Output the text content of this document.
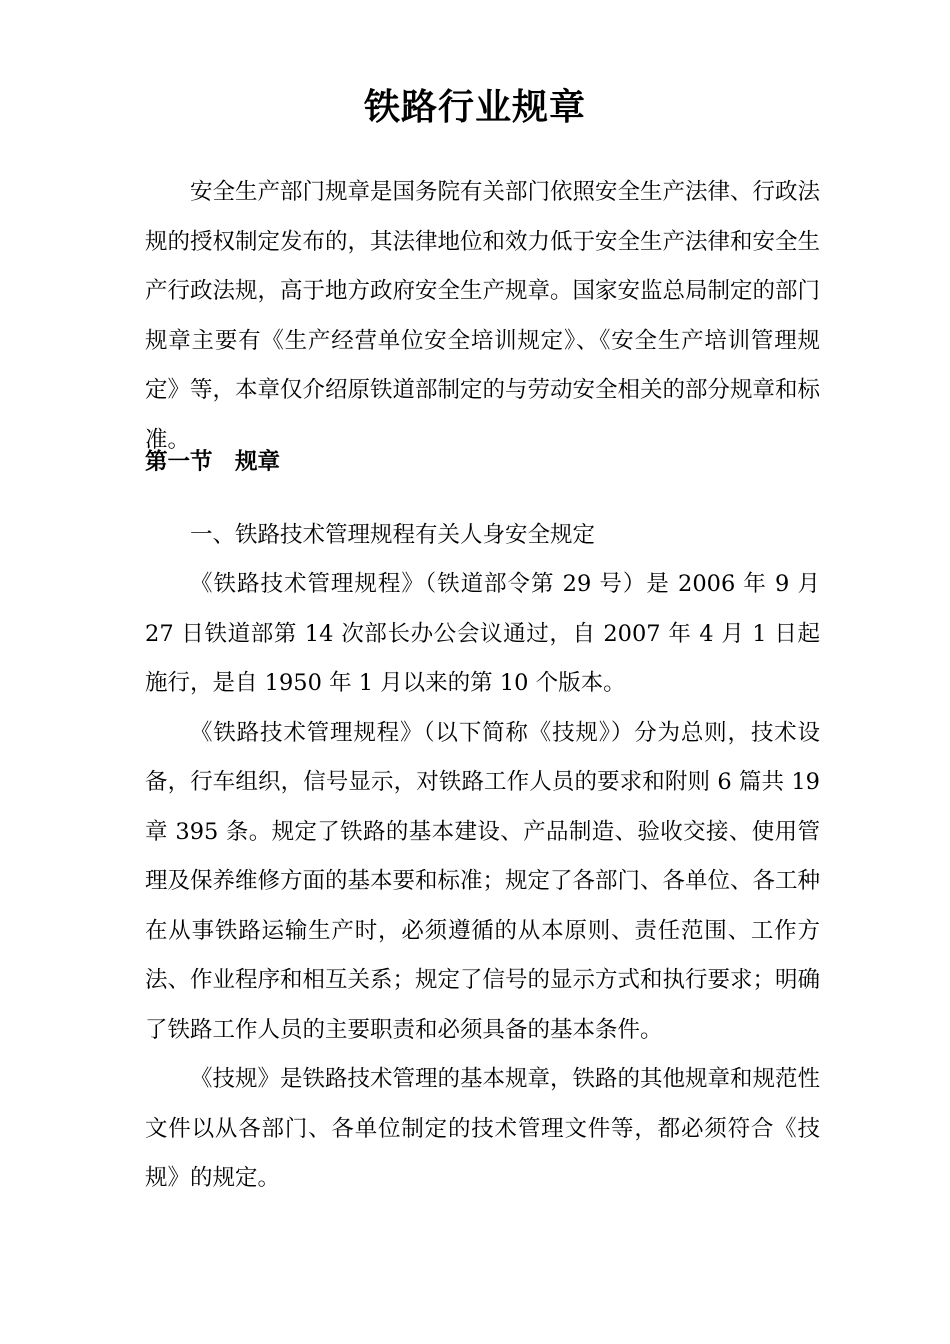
铁路行业规章

安全生产部门规章是国务院有关部门依照安全生产法律、行政法规的授权制定发布的，其法律地位和效力低于安全生产法律和安全生产行政法规，高于地方政府安全生产规章。国家安监总局制定的部门规章主要有《生产经营单位安全培训规定》、《安全生产培训管理规定》等，本章仅介绍原铁道部制定的与劳动安全相关的部分规章和标准。

第一节　规章
一、铁路技术管理规程有关人身安全规定

《铁路技术管理规程》（铁道部令第 29 号）是 2006 年 9 月 27 日铁道部第 14 次部长办公会议通过，自 2007 年 4 月 1 日起施行，是自 1950 年 1 月以来的第 10 个版本。

《铁路技术管理规程》（以下简称《技规》）分为总则，技术设备，行车组织，信号显示，对铁路工作人员的要求和附则 6 篇共 19 章 395 条。规定了铁路的基本建设、产品制造、验收交接、使用管理及保养维修方面的基本要和标准；规定了各部门、各单位、各工种在从事铁路运输生产时，必须遵循的从本原则、责任范围、工作方法、作业程序和相互关系；规定了信号的显示方式和执行要求；明确了铁路工作人员的主要职责和必须具备的基本条件。

《技规》是铁路技术管理的基本规章，铁路的其他规章和规范性文件以从各部门、各单位制定的技术管理文件等，都必须符合《技规》的规定。
